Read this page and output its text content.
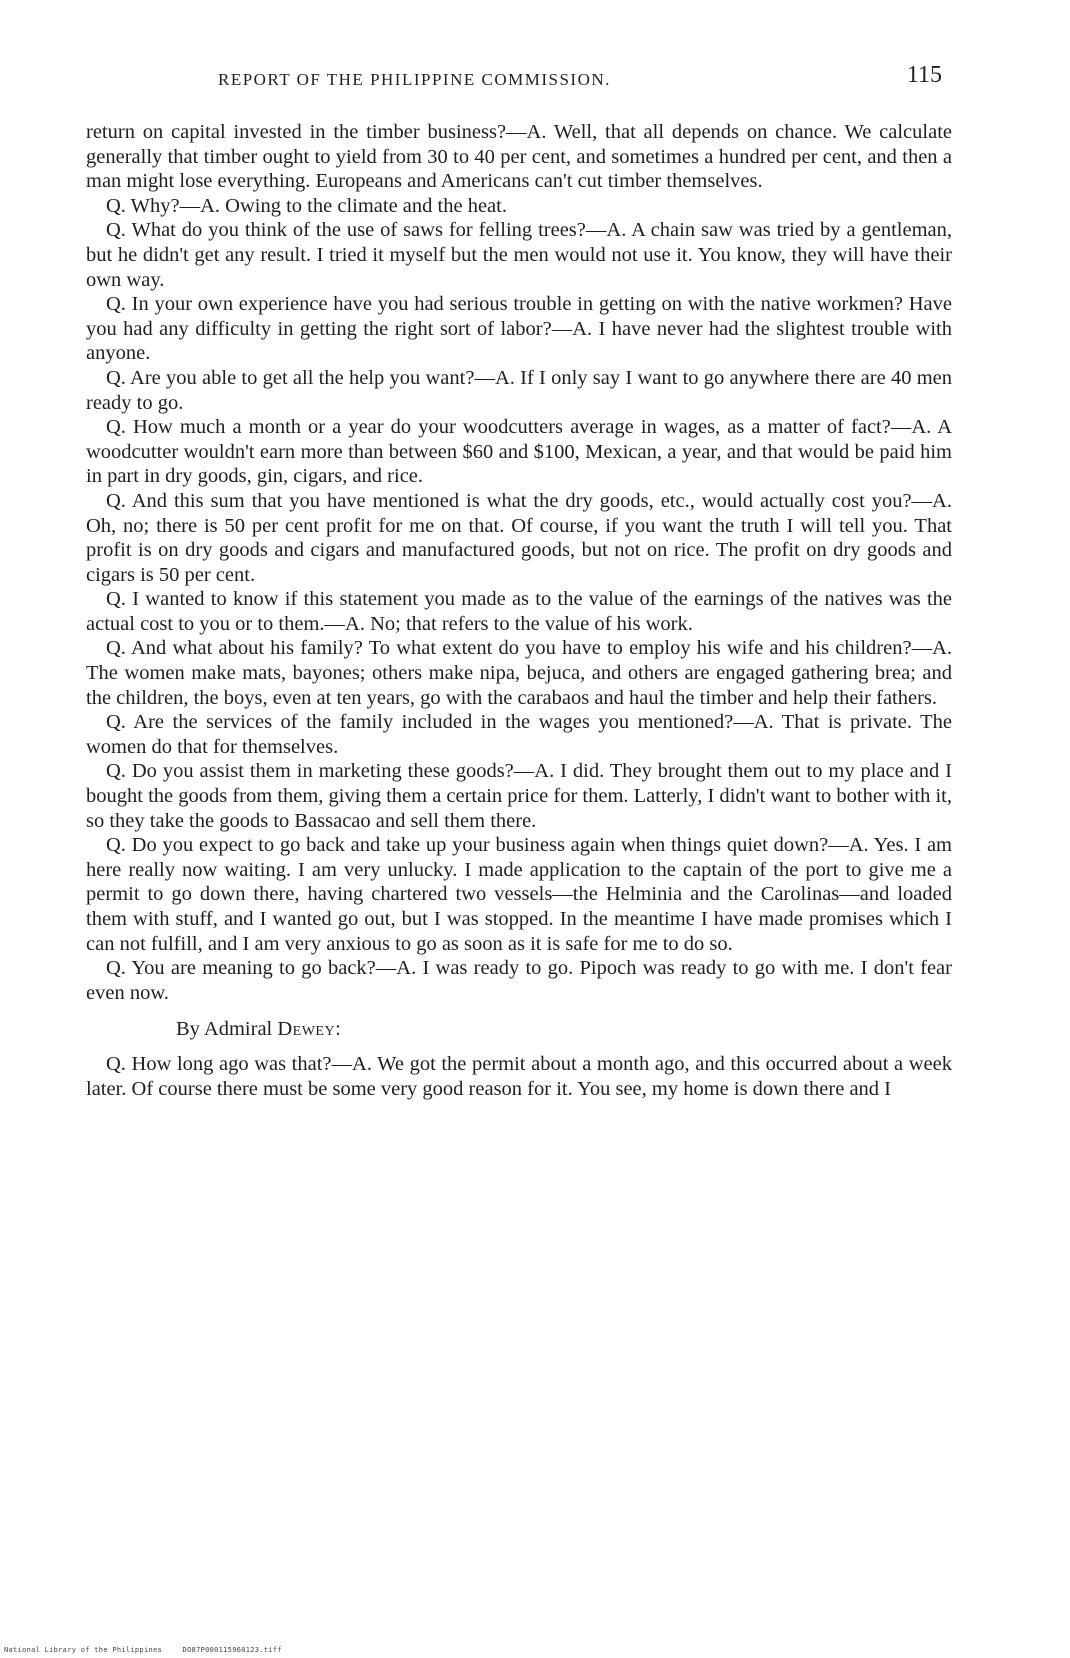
REPORT OF THE PHILIPPINE COMMISSION.	115

return on capital invested in the timber business?—A. Well, that all depends on chance. We calculate generally that timber ought to yield from 30 to 40 per cent, and sometimes a hundred per cent, and then a man might lose everything. Europeans and Americans can't cut timber themselves.

Q. Why?—A. Owing to the climate and the heat.

Q. What do you think of the use of saws for felling trees?—A. A chain saw was tried by a gentleman, but he didn't get any result. I tried it myself but the men would not use it. You know, they will have their own way.

Q. In your own experience have you had serious trouble in getting on with the native workmen? Have you had any difficulty in getting the right sort of labor?—A. I have never had the slightest trouble with anyone.

Q. Are you able to get all the help you want?—A. If I only say I want to go anywhere there are 40 men ready to go.

Q. How much a month or a year do your woodcutters average in wages, as a matter of fact?—A. A woodcutter wouldn't earn more than between $60 and $100, Mexican, a year, and that would be paid him in part in dry goods, gin, cigars, and rice.

Q. And this sum that you have mentioned is what the dry goods, etc., would actually cost you?—A. Oh, no; there is 50 per cent profit for me on that. Of course, if you want the truth I will tell you. That profit is on dry goods and cigars and manufactured goods, but not on rice. The profit on dry goods and cigars is 50 per cent.

Q. I wanted to know if this statement you made as to the value of the earnings of the natives was the actual cost to you or to them.—A. No; that refers to the value of his work.

Q. And what about his family? To what extent do you have to employ his wife and his children?—A. The women make mats, bayones; others make nipa, bejuca, and others are engaged gathering brea; and the children, the boys, even at ten years, go with the carabaos and haul the timber and help their fathers.

Q. Are the services of the family included in the wages you mentioned?—A. That is private. The women do that for themselves.

Q. Do you assist them in marketing these goods?—A. I did. They brought them out to my place and I bought the goods from them, giving them a certain price for them. Latterly, I didn't want to bother with it, so they take the goods to Bassacao and sell them there.

Q. Do you expect to go back and take up your business again when things quiet down?—A. Yes. I am here really now waiting. I am very unlucky. I made application to the captain of the port to give me a permit to go down there, having chartered two vessels—the Helminia and the Carolinas—and loaded them with stuff, and I wanted go out, but I was stopped. In the meantime I have made promises which I can not fulfill, and I am very anxious to go as soon as it is safe for me to do so.

Q. You are meaning to go back?—A. I was ready to go. Pipoch was ready to go with me. I don't fear even now.

By Admiral Dewey:

Q. How long ago was that?—A. We got the permit about a month ago, and this occurred about a week later. Of course there must be some very good reason for it. You see, my home is down there and I

National Library of the Philippines	DO87P000115960123.tiff
